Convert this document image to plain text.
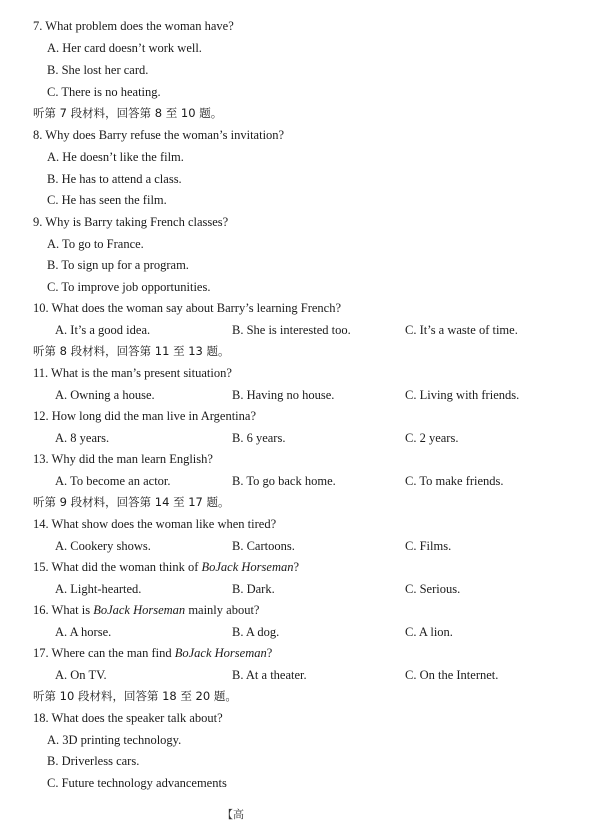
7. What problem does the woman have?
A. Her card doesn’t work well.
B. She lost her card.
C. There is no heating.
听第 7 段材料，回答第 8 至 10 题。
8. Why does Barry refuse the woman’s invitation?
A. He doesn’t like the film.
B. He has to attend a class.
C. He has seen the film.
9. Why is Barry taking French classes?
A. To go to France.
B. To sign up for a program.
C. To improve job opportunities.
10. What does the woman say about Barry’s learning French?
A. It’s a good idea.	B. She is interested too.	C. It’s a waste of time.
听第 8 段材料，回答第 11 至 13 题。
11. What is the man’s present situation?
A. Owning a house.	B. Having no house.	C. Living with friends.
12. How long did the man live in Argentina?
A. 8 years.	B. 6 years.	C. 2 years.
13. Why did the man learn English?
A. To become an actor.	B. To go back home.	C. To make friends.
听第 9 段材料，回答第 14 至 17 题。
14. What show does the woman like when tired?
A. Cookery shows.	B. Cartoons.	C. Films.
15. What did the woman think of BoJack Horseman?
A. Light-hearted.	B. Dark.	C. Serious.
16. What is BoJack Horseman mainly about?
A. A horse.	B. A dog.	C. A lion.
17. Where can the man find BoJack Horseman?
A. On TV.	B. At a theater.	C. On the Internet.
听第 10 段材料，回答第 18 至 20 题。
18. What does the speaker talk about?
A. 3D printing technology.
B. Driverless cars.
C. Future technology advancements
【高
